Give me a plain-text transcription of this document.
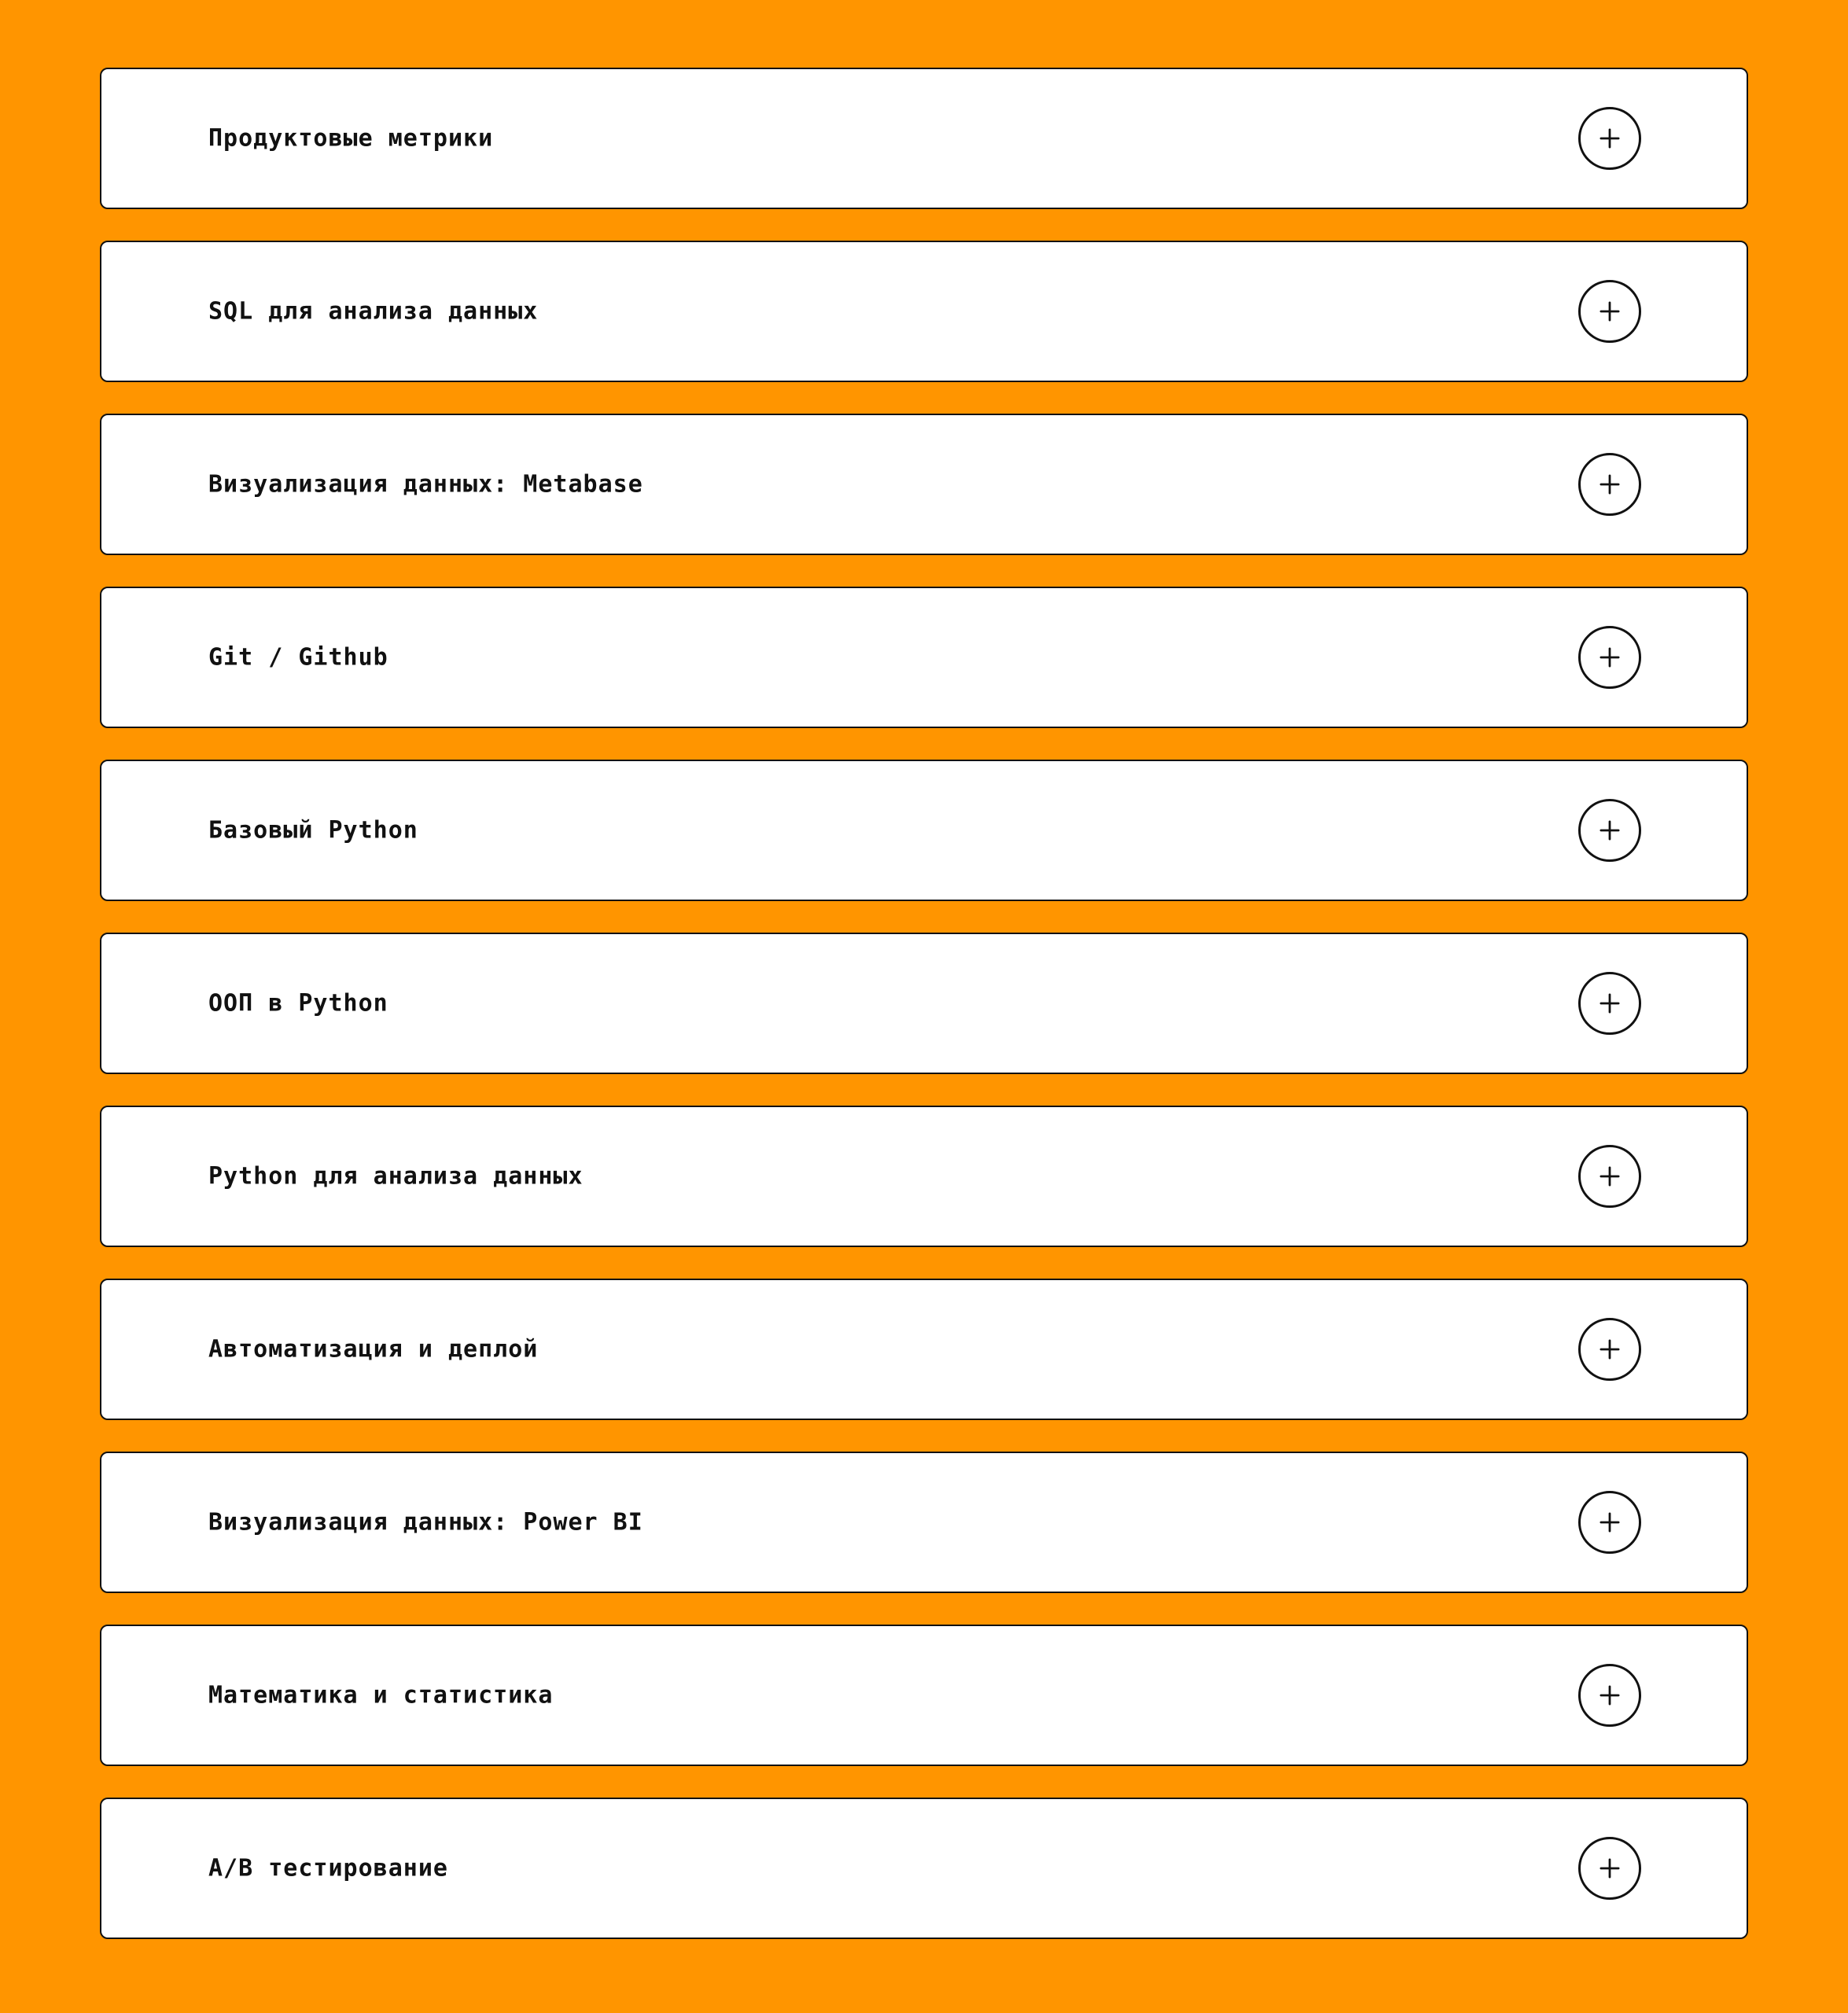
Продуктовые метрики
SQL для анализа данных
Визуализация данных: Metabase
Git / Github
Базовый Python
ООП в Python
Python для анализа данных
Автоматизация и деплой
Визуализация данных: Power BI
Математика и статистика
A/B тестирование
